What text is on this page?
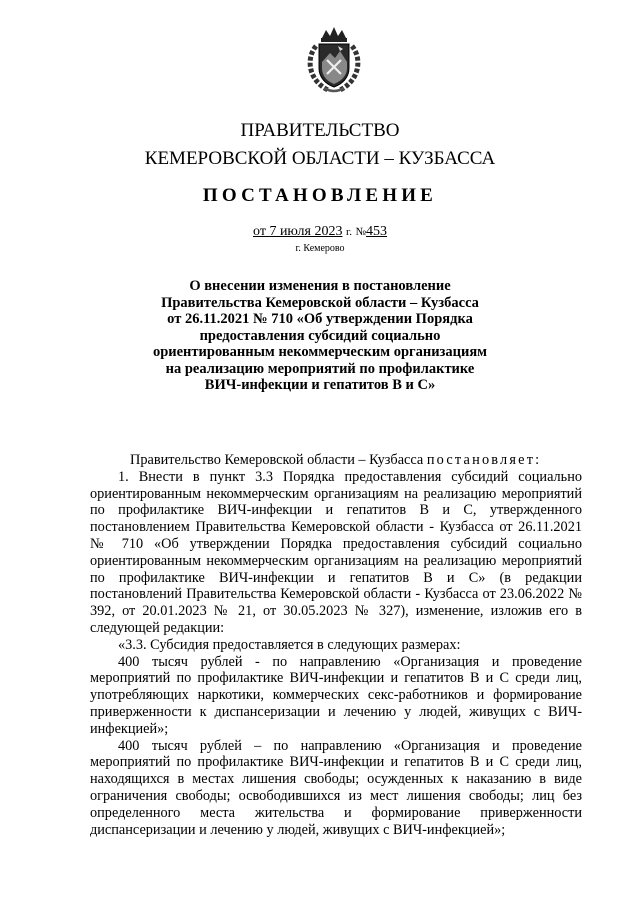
ПРАВИТЕЛЬСТВО
КЕМЕРОВСКОЙ ОБЛАСТИ – КУЗБАССА
ПОСТАНОВЛЕНИЕ
от 7 июля 2023 г. №453
г. Кемерово
О внесении изменения в постановление
Правительства Кемеровской области – Кузбасса
от 26.11.2021 № 710 «Об утверждении Порядка
предоставления субсидий социально
ориентированным некоммерческим организациям
на реализацию мероприятий по профилактике
ВИЧ-инфекции и гепатитов В и С»

Правительство Кемеровской области – Кузбасса постановляет:

1. Внести в пункт 3.3 Порядка предоставления субсидий социально ориентированным некоммерческим организациям на реализацию мероприятий по профилактике ВИЧ-инфекции и гепатитов В и С, утвержденного постановлением Правительства Кемеровской области - Кузбасса от 26.11.2021 № 710 «Об утверждении Порядка предоставления субсидий социально ориентированным некоммерческим организациям на реализацию мероприятий по профилактике ВИЧ-инфекции и гепатитов В и С» (в редакции постановлений Правительства Кемеровской области - Кузбасса от 23.06.2022 № 392, от 20.01.2023 № 21, от 30.05.2023 № 327), изменение, изложив его в следующей редакции:

«3.3. Субсидия предоставляется в следующих размерах:

400 тысяч рублей - по направлению «Организация и проведение мероприятий по профилактике ВИЧ-инфекции и гепатитов В и С среди лиц, употребляющих наркотики, коммерческих секс-работников и формирование приверженности к диспансеризации и лечению у людей, живущих с ВИЧ-инфекцией»;

400 тысяч рублей – по направлению «Организация и проведение мероприятий по профилактике ВИЧ-инфекции и гепатитов В и С среди лиц, находящихся в местах лишения свободы; осужденных к наказанию в виде ограничения свободы; освободившихся из мест лишения свободы; лиц без определенного места жительства и формирование приверженности диспансеризации и лечению у людей, живущих с ВИЧ-инфекцией»;
